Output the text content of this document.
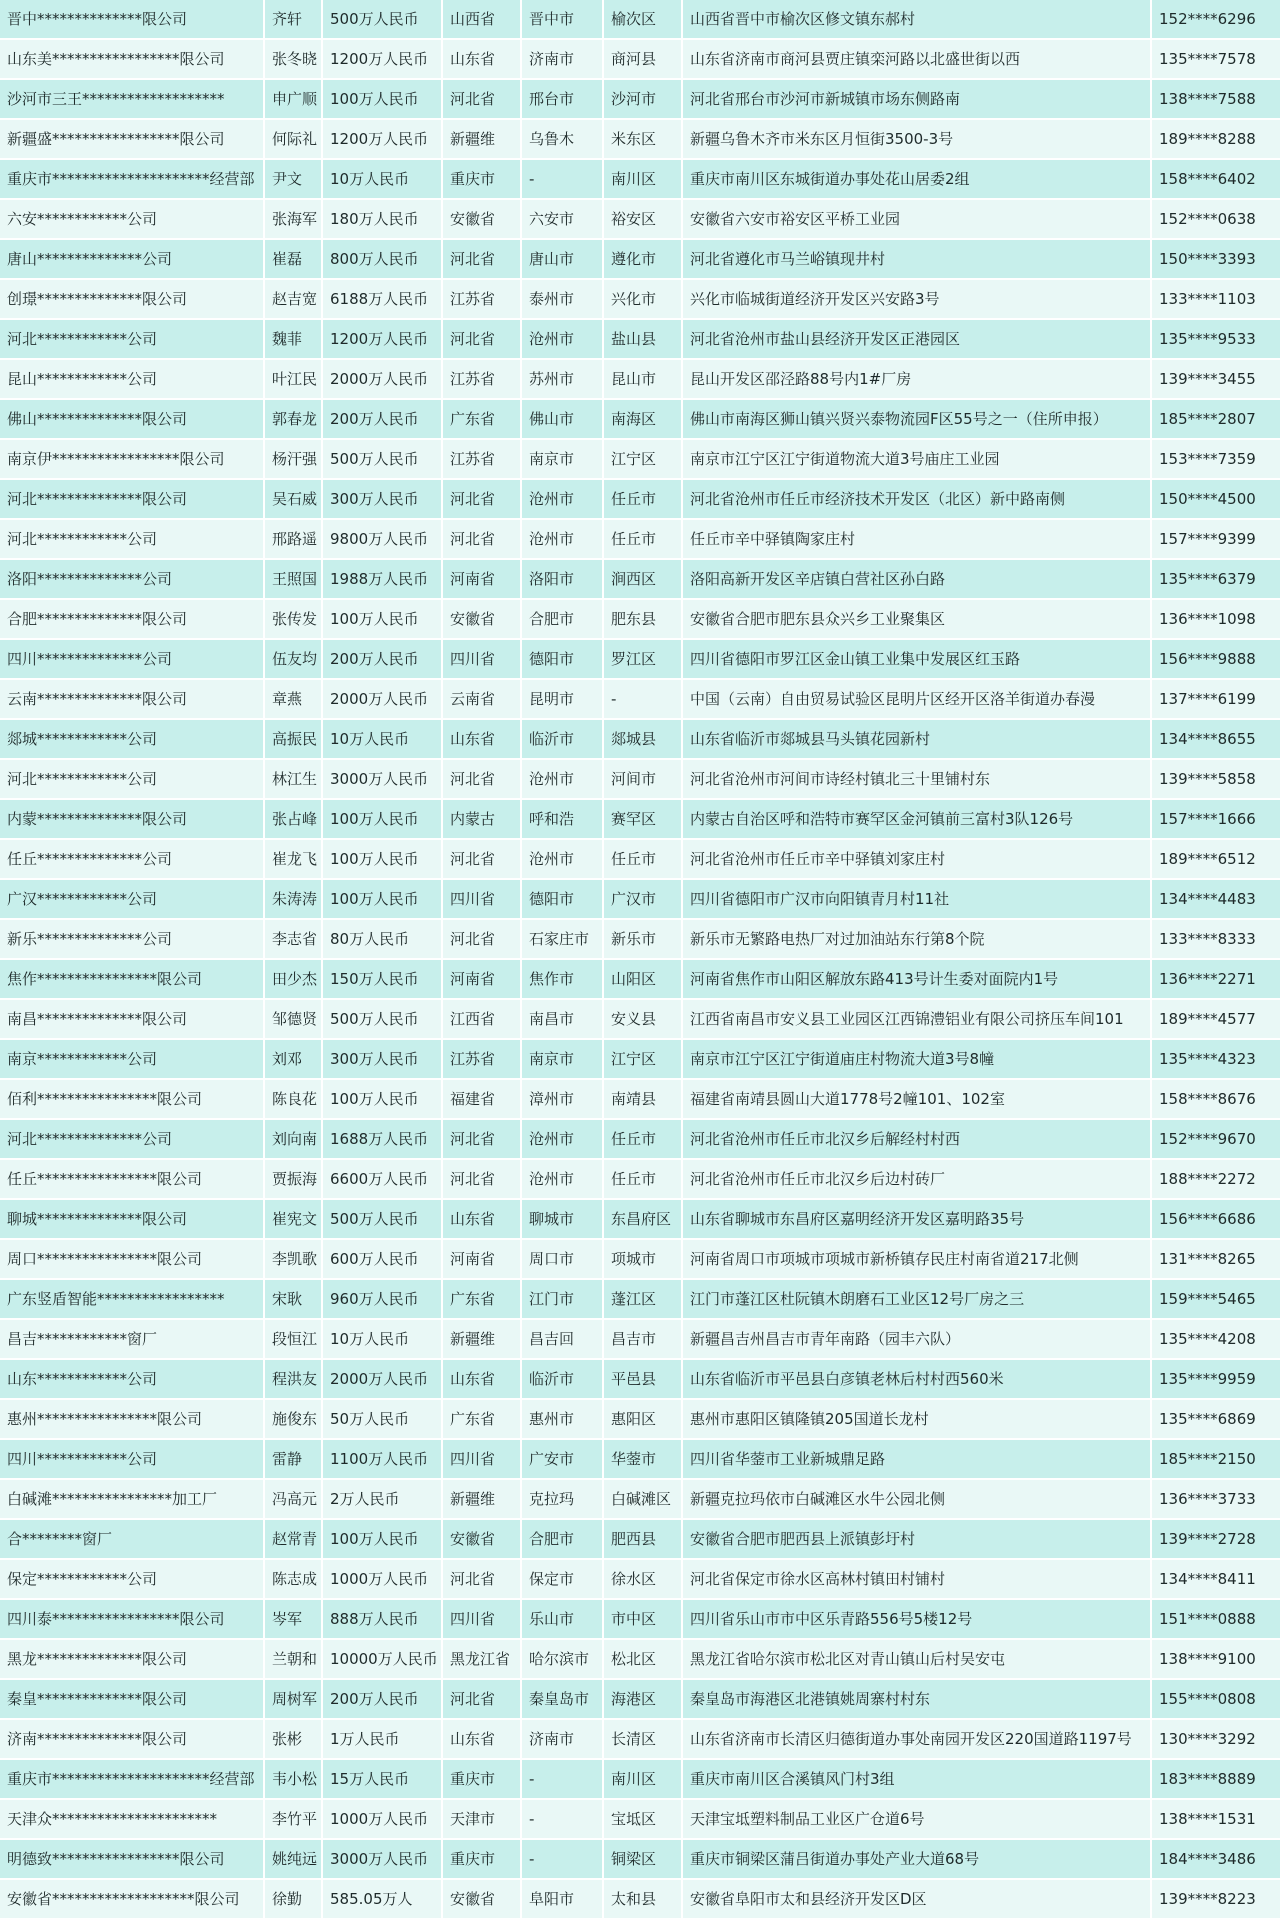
晋中**************限公司	齐轩	500万人民币	山西省	晋中市	榆次区	山西省晋中市榆次区修文镇东郝村	152****6296
山东美*****************限公司	张冬晓 1200万人民币	山东省	济南市	商河县	山东省济南市商河县贾庄镇栾河路以北盛世街以西	135****7578
沙河市三王*******************	申广顺 100万人民币	河北省	邢台市	沙河市	河北省邢台市沙河市新城镇市场东侧路南	138****7588
新疆盛*****************限公司	何际礼 1200万人民币	新疆维	乌鲁木	米东区	新疆乌鲁木齐市米东区月恒街3500-3号	189****8288
重庆市*********************经营部	尹文	10万人民币	重庆市	-	南川区	重庆市南川区东城街道办事处花山居委2组	158****6402
六安************公司	张海军 180万人民币	安徽省	六安市	裕安区	安徽省六安市裕安区平桥工业园	152****0638
唐山**************公司	崔磊	800万人民币	河北省	唐山市	遵化市	河北省遵化市马兰峪镇现井村	150****3393
创璟**************限公司	赵吉宽 6188万人民币	江苏省	泰州市	兴化市	兴化市临城街道经济开发区兴安路3号	133****1103
河北************公司	魏菲	1200万人民币	河北省	沧州市	盐山县	河北省沧州市盐山县经济开发区正港园区	135****9533
昆山************公司	叶江民 2000万人民币	江苏省	苏州市	昆山市	昆山开发区邵泾路88号内1#厂房	139****3455
佛山**************限公司	郭春龙 200万人民币	广东省	佛山市	南海区	佛山市南海区狮山镇兴贤兴泰物流园F区55号之一（住所申报）	185****2807
南京伊*****************限公司	杨汗强 500万人民币	江苏省	南京市	江宁区	南京市江宁区江宁街道物流大道3号庙庄工业园	153****7359
河北**************限公司	吴石威 300万人民币	河北省	沧州市	任丘市	河北省沧州市任丘市经济技术开发区（北区）新中路南侧	150****4500
河北************公司	邢路遥 9800万人民币	河北省	沧州市	任丘市	任丘市辛中驿镇陶家庄村	157****9399
洛阳**************公司	王照国 1988万人民币	河南省	洛阳市	涧西区	洛阳高新开发区辛店镇白营社区孙白路	135****6379
合肥**************限公司	张传发 100万人民币	安徽省	合肥市	肥东县	安徽省合肥市肥东县众兴乡工业聚集区	136****1098
四川**************公司	伍友均 200万人民币	四川省	德阳市	罗江区	四川省德阳市罗江区金山镇工业集中发展区红玉路	156****9888
云南**************限公司	章燕	2000万人民币	云南省	昆明市	-	中国（云南）自由贸易试验区昆明片区经开区洛羊街道办春漫	137****6199
郯城************公司	高振民 10万人民币	山东省	临沂市	郯城县	山东省临沂市郯城县马头镇花园新村	134****8655
河北************公司	林江生 3000万人民币	河北省	沧州市	河间市	河北省沧州市河间市诗经村镇北三十里铺村东	139****5858
内蒙**************限公司	张占峰 100万人民币	内蒙古	呼和浩	赛罕区	内蒙古自治区呼和浩特市赛罕区金河镇前三富村3队126号	157****1666
任丘**************公司	崔龙飞 100万人民币	河北省	沧州市	任丘市	河北省沧州市任丘市辛中驿镇刘家庄村	189****6512
广汉************公司	朱涛涛 100万人民币	四川省	德阳市	广汉市	四川省德阳市广汉市向阳镇青月村11社	134****4483
新乐**************公司	李志省 80万人民币	河北省	石家庄市	新乐市	新乐市无繁路电热厂对过加油站东行第8个院	133****8333
焦作****************限公司	田少杰 150万人民币	河南省	焦作市	山阳区	河南省焦作市山阳区解放东路413号计生委对面院内1号	136****2271
南昌**************限公司	邹德贤 500万人民币	江西省	南昌市	安义县	江西省南昌市安义县工业园区江西锦澧铝业有限公司挤压车间101	189****4577
南京************公司	刘邓	300万人民币	江苏省	南京市	江宁区	南京市江宁区江宁街道庙庄村物流大道3号8幢	135****4323
佰利****************限公司	陈良花 100万人民币	福建省	漳州市	南靖县	福建省南靖县圆山大道1778号2幢101、102室	158****8676
河北**************公司	刘向南 1688万人民币	河北省	沧州市	任丘市	河北省沧州市任丘市北汉乡后解经村村西	152****9670
任丘****************限公司	贾振海 6600万人民币	河北省	沧州市	任丘市	河北省沧州市任丘市北汉乡后边村砖厂	188****2272
聊城**************限公司	崔宪文 500万人民币	山东省	聊城市	东昌府区	山东省聊城市东昌府区嘉明经济开发区嘉明路35号	156****6686
周口****************限公司	李凯歌 600万人民币	河南省	周口市	项城市	河南省周口市项城市项城市新桥镇存民庄村南省道217北侧	131****8265
广东竖盾智能*****************	宋耿	960万人民币	广东省	江门市	蓬江区	江门市蓬江区杜阮镇木朗磨石工业区12号厂房之三	159****5465
昌吉************窗厂	段恒江 10万人民币	新疆维	昌吉回	昌吉市	新疆昌吉州昌吉市青年南路（园丰六队）	135****4208
山东************公司	程洪友 2000万人民币	山东省	临沂市	平邑县	山东省临沂市平邑县白彦镇老林后村村西560米	135****9959
惠州****************限公司	施俊东 50万人民币	广东省	惠州市	惠阳区	惠州市惠阳区镇隆镇205国道长龙村	135****6869
四川************公司	雷静	1100万人民币	四川省	广安市	华蓥市	四川省华蓥市工业新城鼎足路	185****2150
白碱滩****************加工厂	冯高元 2万人民币	新疆维	克拉玛	白碱滩区	新疆克拉玛依市白碱滩区水牛公园北侧	136****3733
合********窗厂	赵常青 100万人民币	安徽省	合肥市	肥西县	安徽省合肥市肥西县上派镇彭圩村	139****2728
保定************公司	陈志成 1000万人民币	河北省	保定市	徐水区	河北省保定市徐水区高林村镇田村铺村	134****8411
四川泰*****************限公司	岑军	888万人民币	四川省	乐山市	市中区	四川省乐山市市中区乐青路556号5楼12号	151****0888
黑龙**************限公司	兰朝和 10000万人民币 黑龙江省	哈尔滨市	松北区	黑龙江省哈尔滨市松北区对青山镇山后村吴安屯	138****9100
秦皇**************限公司	周树军 200万人民币	河北省	秦皇岛市	海港区	秦皇岛市海港区北港镇姚周寨村村东	155****0808
济南**************限公司	张彬	1万人民币	山东省	济南市	长清区	山东省济南市长清区归德街道办事处南园开发区220国道路1197号	130****3292
重庆市*********************经营部	韦小松 15万人民币	重庆市	-	南川区	重庆市南川区合溪镇风门村3组	183****8889
天津众**********************	李竹平 1000万人民币	天津市	-	宝坻区	天津宝坻塑料制品工业区广仓道6号	138****1531
明德致*****************限公司	姚纯远 3000万人民币	重庆市	-	铜梁区	重庆市铜梁区蒲吕街道办事处产业大道68号	184****3486
安徽省*******************限公司	徐勤	585.05万人	安徽省	阜阳市	太和县	安徽省阜阳市太和县经济开发区D区	139****8223
